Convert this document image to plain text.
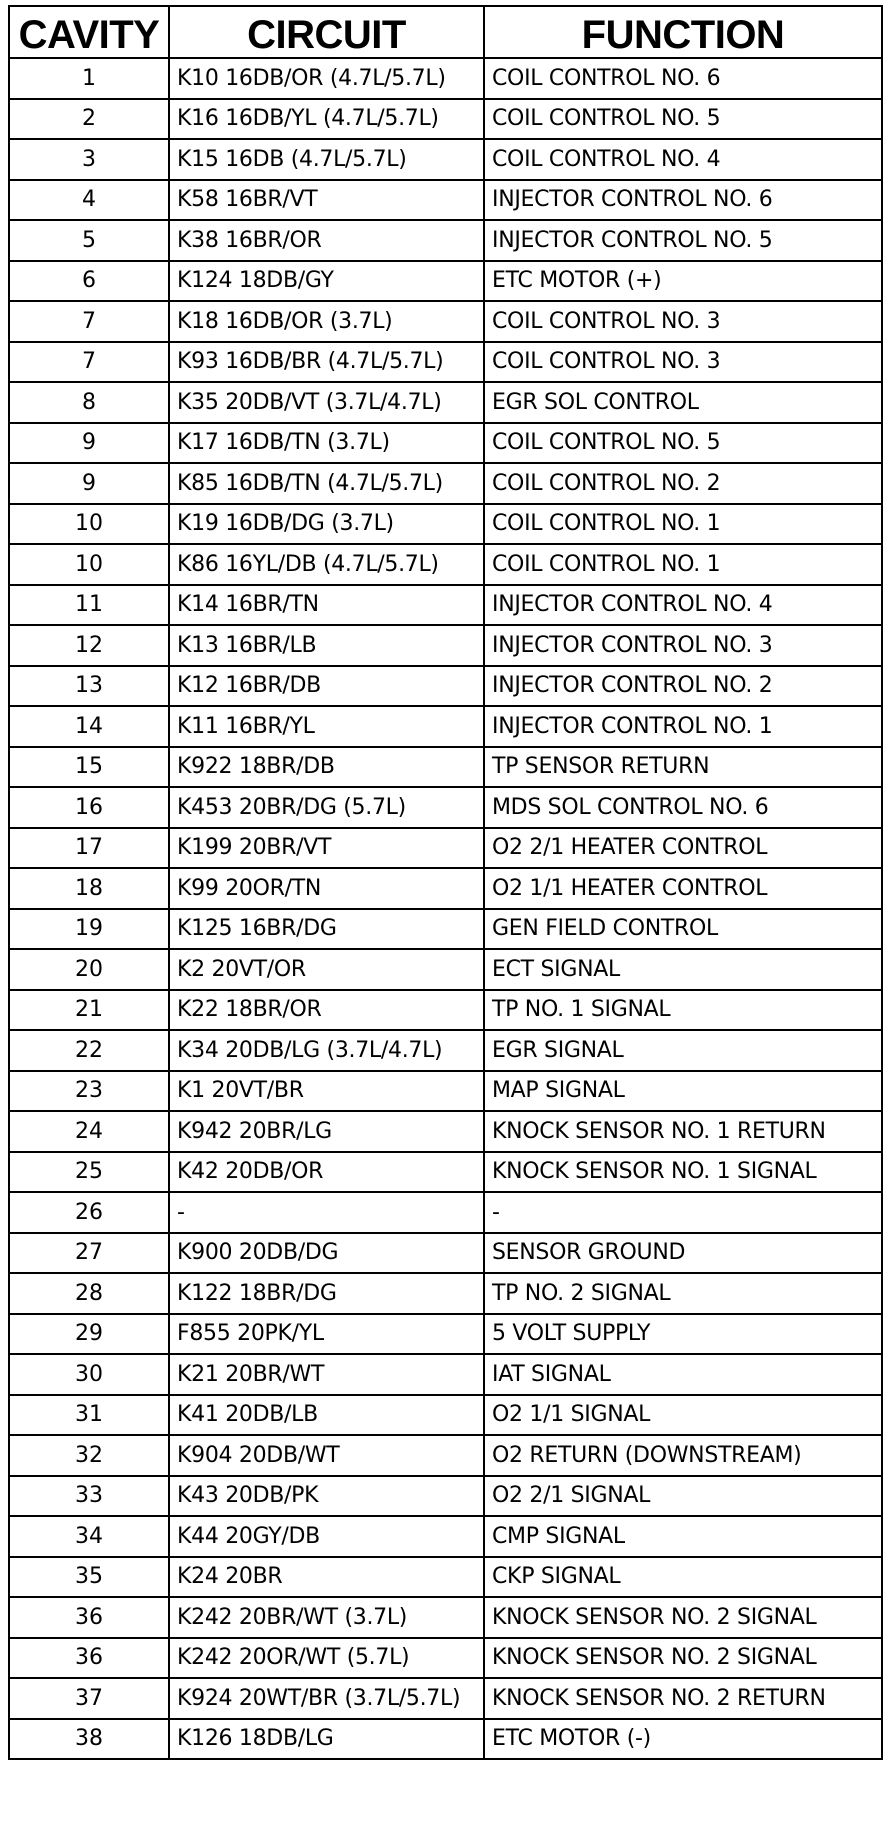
CAVITY	CIRCUIT	FUNCTION
1	K10 16DB/OR (4.7L/5.7L)	COIL CONTROL NO. 6
2	K16 16DB/YL (4.7L/5.7L)	COIL CONTROL NO. 5
3	K15 16DB (4.7L/5.7L)	COIL CONTROL NO. 4
4	K58 16BR/VT	INJECTOR CONTROL NO. 6
5	K38 16BR/OR	INJECTOR CONTROL NO. 5
6	K124 18DB/GY	ETC MOTOR (+)
7	K18 16DB/OR (3.7L)	COIL CONTROL NO. 3
7	K93 16DB/BR (4.7L/5.7L)	COIL CONTROL NO. 3
8	K35 20DB/VT (3.7L/4.7L)	EGR SOL CONTROL
9	K17 16DB/TN (3.7L)	COIL CONTROL NO. 5
9	K85 16DB/TN (4.7L/5.7L)	COIL CONTROL NO. 2
10	K19 16DB/DG (3.7L)	COIL CONTROL NO. 1
10	K86 16YL/DB (4.7L/5.7L)	COIL CONTROL NO. 1
11	K14 16BR/TN	INJECTOR CONTROL NO. 4
12	K13 16BR/LB	INJECTOR CONTROL NO. 3
13	K12 16BR/DB	INJECTOR CONTROL NO. 2
14	K11 16BR/YL	INJECTOR CONTROL NO. 1
15	K922 18BR/DB	TP SENSOR RETURN
16	K453 20BR/DG (5.7L)	MDS SOL CONTROL NO. 6
17	K199 20BR/VT	O2 2/1 HEATER CONTROL
18	K99 20OR/TN	O2 1/1 HEATER CONTROL
19	K125 16BR/DG	GEN FIELD CONTROL
20	K2 20VT/OR	ECT SIGNAL
21	K22 18BR/OR	TP NO. 1 SIGNAL
22	K34 20DB/LG (3.7L/4.7L)	EGR SIGNAL
23	K1 20VT/BR	MAP SIGNAL
24	K942 20BR/LG	KNOCK SENSOR NO. 1 RETURN
25	K42 20DB/OR	KNOCK SENSOR NO. 1 SIGNAL
26	-	-
27	K900 20DB/DG	SENSOR GROUND
28	K122 18BR/DG	TP NO. 2 SIGNAL
29	F855 20PK/YL	5 VOLT SUPPLY
30	K21 20BR/WT	IAT SIGNAL
31	K41 20DB/LB	O2 1/1 SIGNAL
32	K904 20DB/WT	O2 RETURN (DOWNSTREAM)
33	K43 20DB/PK	O2 2/1 SIGNAL
34	K44 20GY/DB	CMP SIGNAL
35	K24 20BR	CKP SIGNAL
36	K242 20BR/WT (3.7L)	KNOCK SENSOR NO. 2 SIGNAL
36	K242 20OR/WT (5.7L)	KNOCK SENSOR NO. 2 SIGNAL
37	K924 20WT/BR (3.7L/5.7L)	KNOCK SENSOR NO. 2 RETURN
38	K126 18DB/LG	ETC MOTOR (-)
